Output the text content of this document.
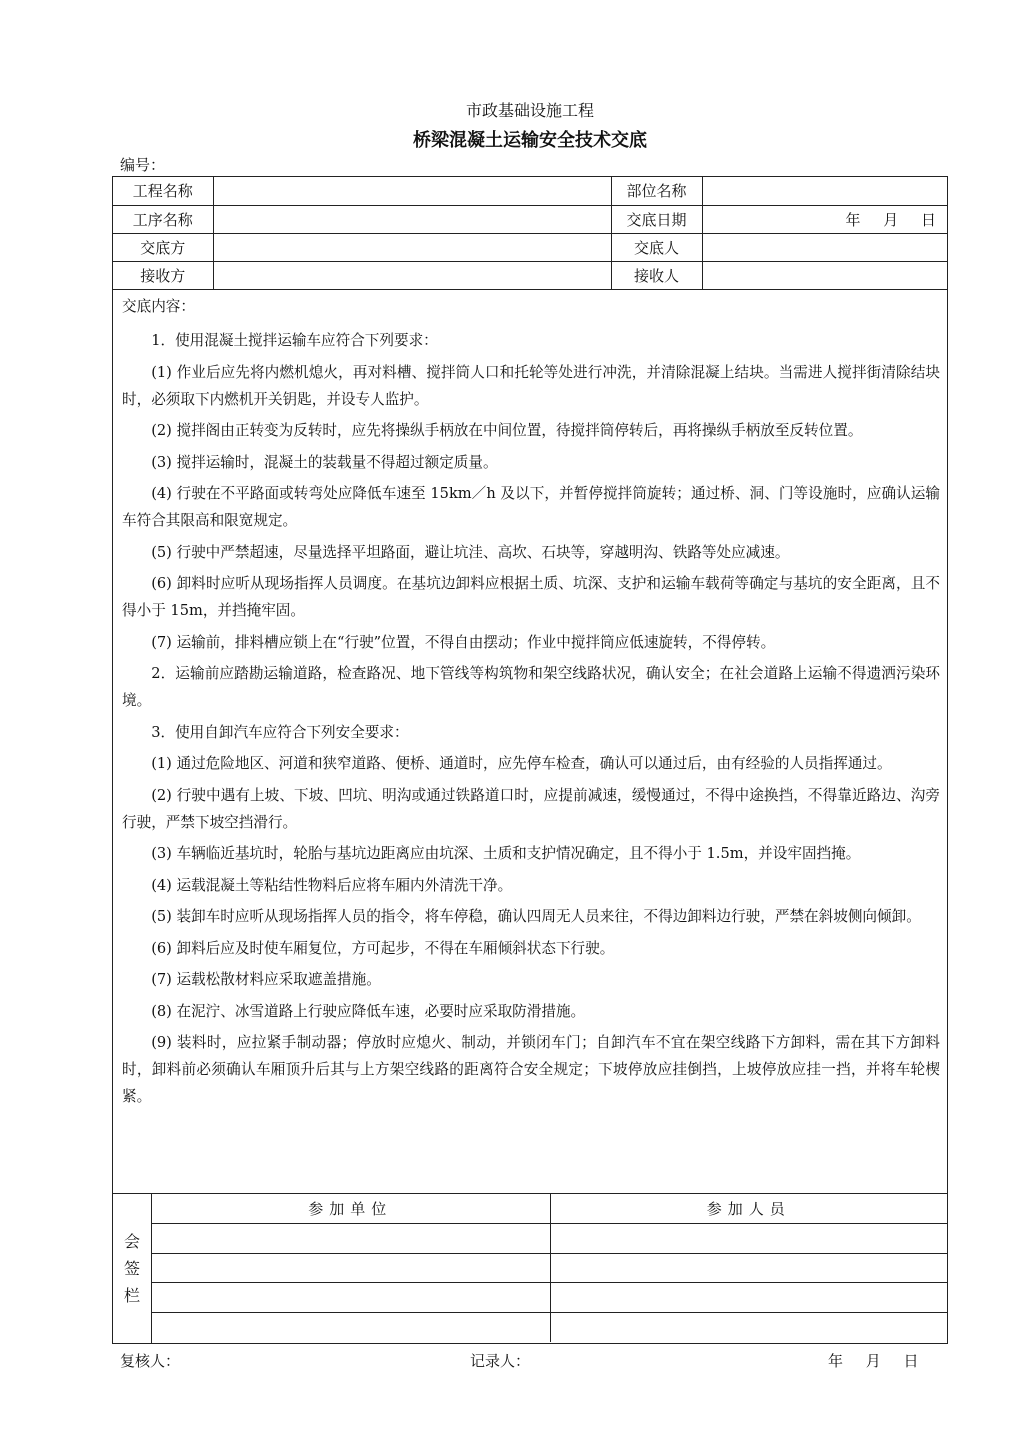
市政基础设施工程
桥梁混凝土运输安全技术交底
编号：
工程名称		部位名称	
工序名称		交底日期	年　 月　 日
交底方		交底人	
接收方		接收人	
交底内容：

1．使用混凝土搅拌运输车应符合下列要求：

(1) 作业后应先将内燃机熄火，再对料槽、搅拌筒人口和托轮等处进行冲洗，并清除混凝上结块。当需进人搅拌街清除结块时，必须取下内燃机开关钥匙，并设专人监护。

(2) 搅拌阁由正转变为反转时，应先将操纵手柄放在中间位置，待搅拌筒停转后，再将操纵手柄放至反转位置。

(3) 搅拌运输时，混凝土的装载量不得超过额定质量。

(4) 行驶在不平路面或转弯处应降低车速至 15km／h 及以下，并暂停搅拌筒旋转；通过桥、洞、门等设施时，应确认运输车符合其限高和限宽规定。

(5) 行驶中严禁超速，尽量选择平坦路面，避让坑洼、高坎、石块等，穿越明沟、铁路等处应减速。

(6) 卸料时应听从现场指挥人员调度。在基坑边卸料应根据土质、坑深、支护和运输车载荷等确定与基坑的安全距离，且不得小于 15m，并挡掩牢固。

(7) 运输前，排料槽应锁上在“行驶”位置，不得自由摆动；作业中搅拌筒应低速旋转，不得停转。

2．运输前应踏勘运输道路，检查路况、地下管线等构筑物和架空线路状况，确认安全；在社会道路上运输不得遗洒污染环境。

3．使用自卸汽车应符合下列安全要求：

(1) 通过危险地区、河道和狭窄道路、便桥、通道时，应先停车检查，确认可以通过后，由有经验的人员指挥通过。

(2) 行驶中遇有上坡、下坡、凹坑、明沟或通过铁路道口时，应提前减速，缓慢通过，不得中途换挡，不得靠近路边、沟旁行驶，严禁下坡空挡滑行。

(3) 车辆临近基坑时，轮胎与基坑边距离应由坑深、土质和支护情况确定，且不得小于 1.5m，并设牢固挡掩。

(4) 运载混凝土等粘结性物料后应将车厢内外清洗干净。

(5) 装卸车时应听从现场指挥人员的指令，将车停稳，确认四周无人员来往，不得边卸料边行驶，严禁在斜坡侧向倾卸。

(6) 卸料后应及时使车厢复位，方可起步，不得在车厢倾斜状态下行驶。

(7) 运载松散材料应采取遮盖措施。

(8) 在泥泞、冰雪道路上行驶应降低车速，必要时应采取防滑措施。

(9) 装料时，应拉紧手制动器；停放时应熄火、制动，并锁闭车门；自卸汽车不宜在架空线路下方卸料，需在其下方卸料时，卸料前必须确认车厢顶升后其与上方架空线路的距离符合安全规定；下坡停放应挂倒挡，上坡停放应挂一挡，并将车轮楔紧。

会
签
栏
参加单位	参加人员

复核人：	记录人：	年　 月　 日
